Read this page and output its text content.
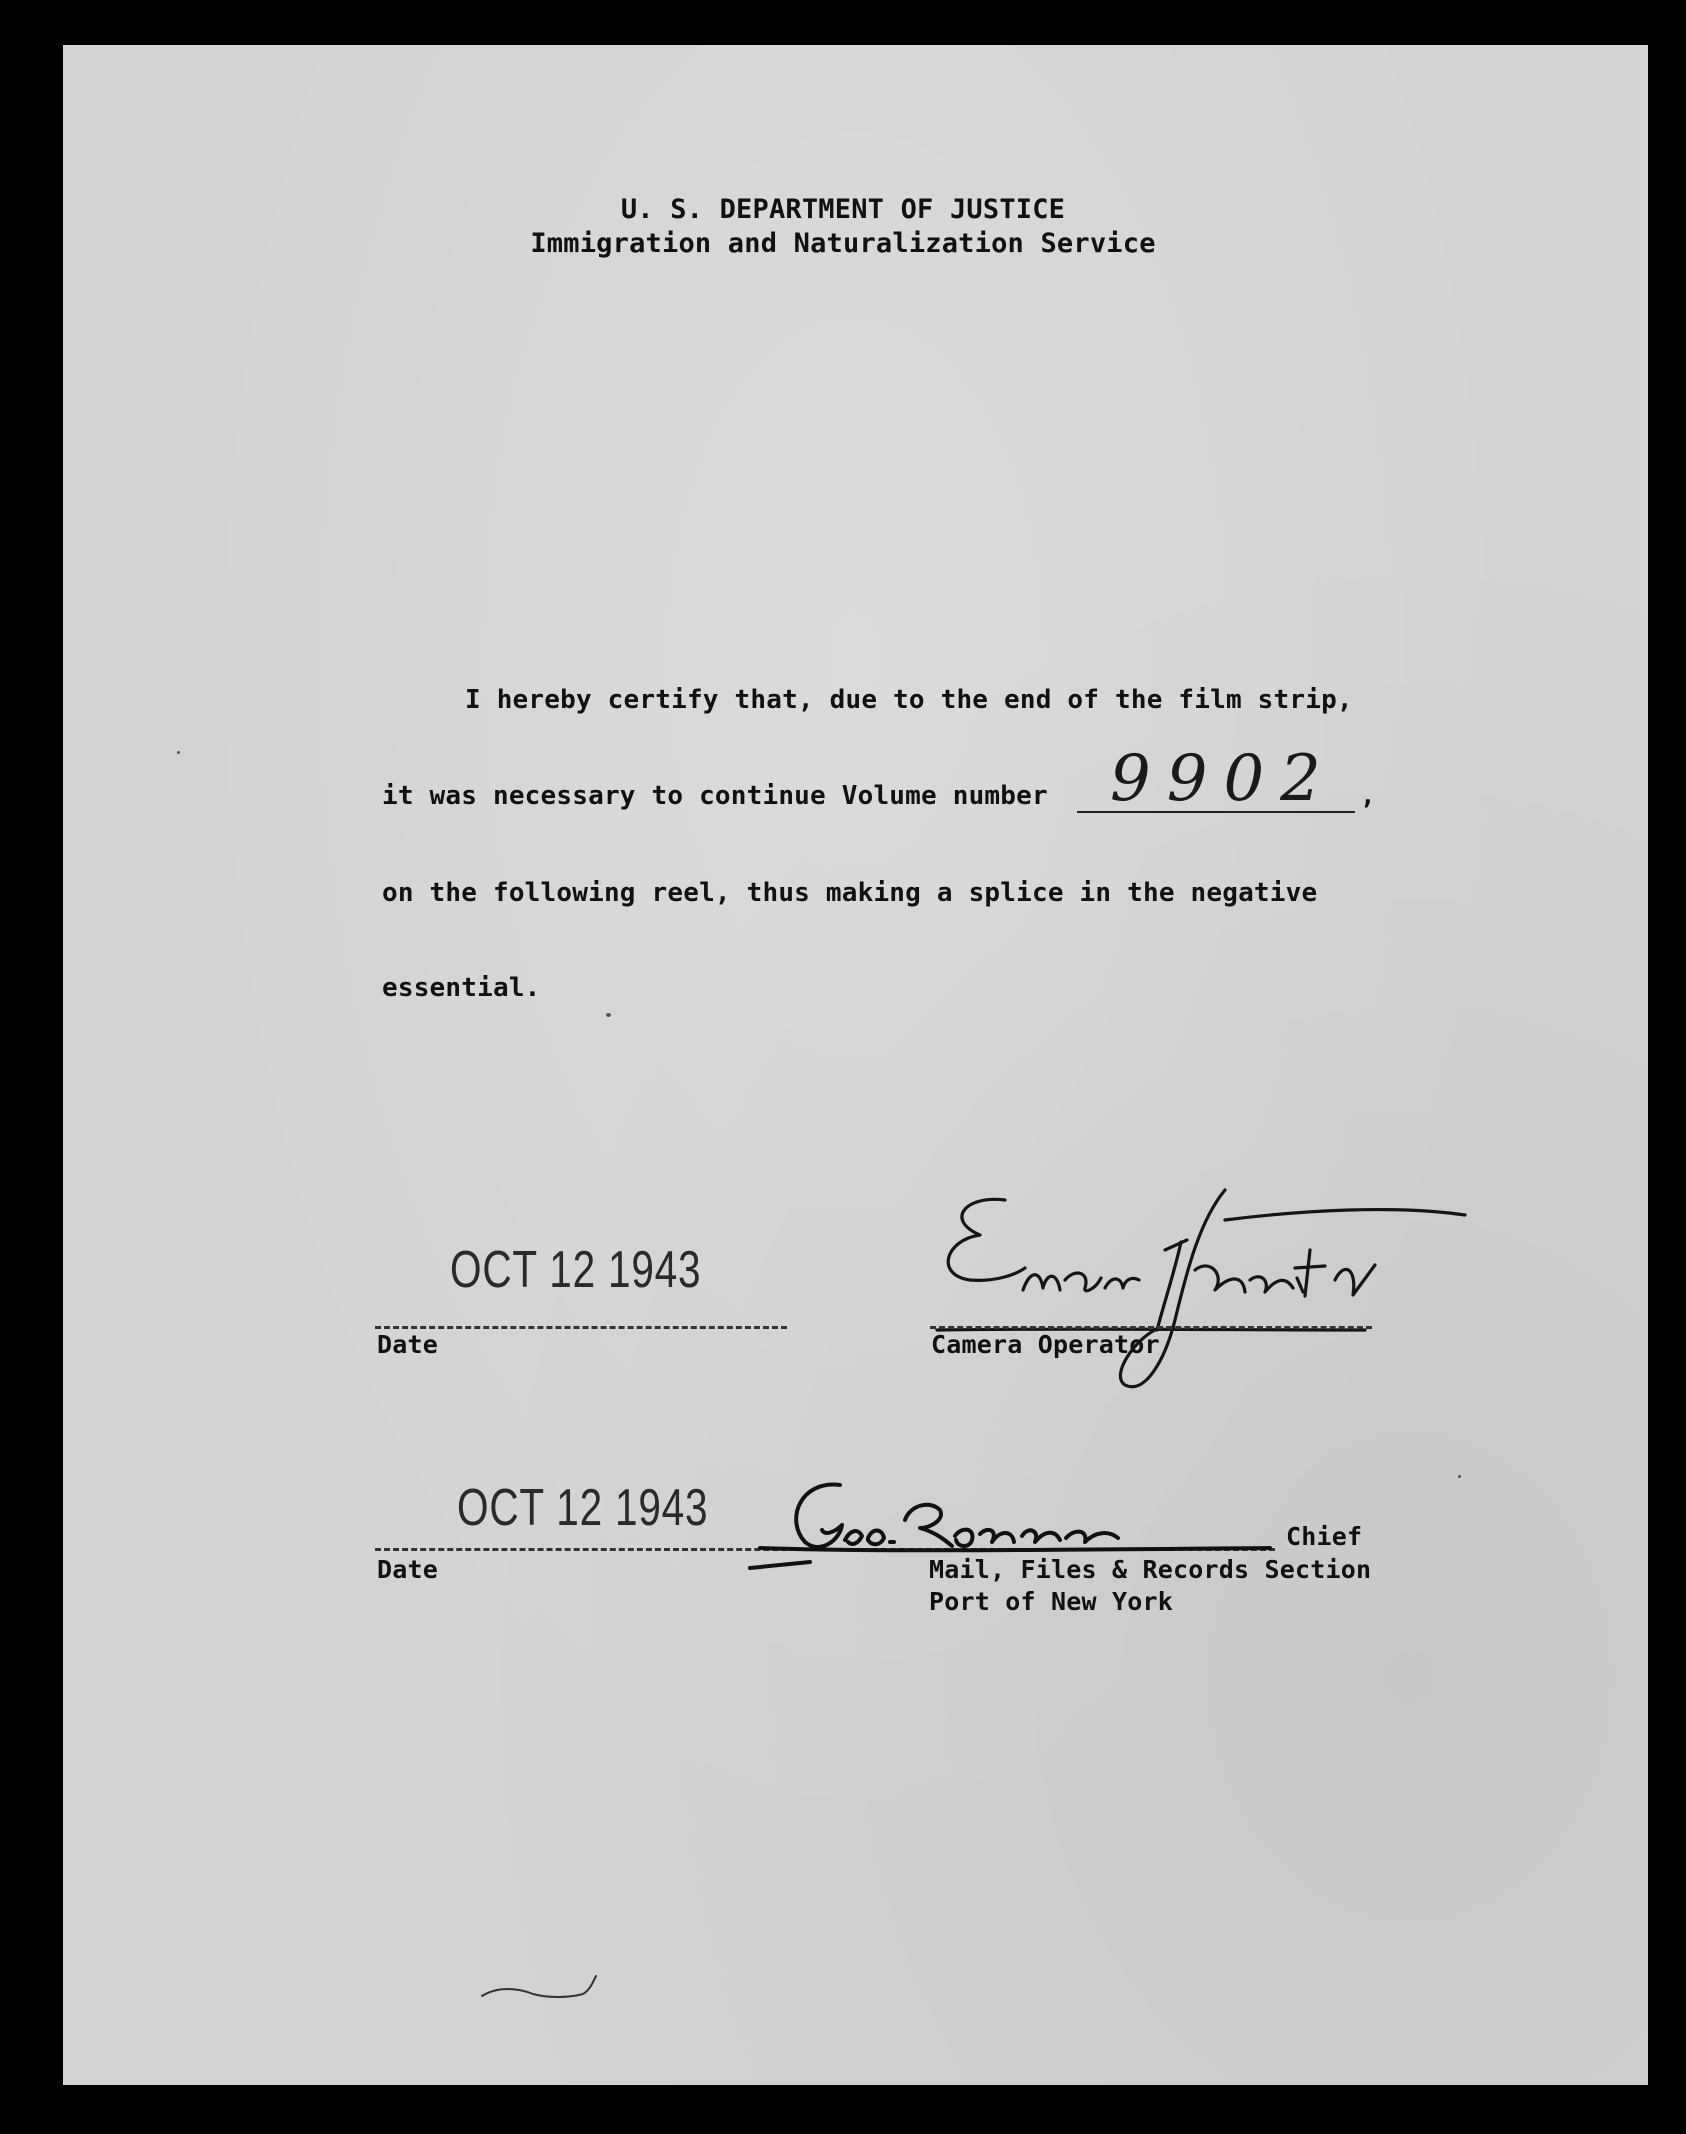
U. S. DEPARTMENT OF JUSTICE
Immigration and Naturalization Service
I hereby certify that, due to the end of the film strip,
it was necessary to continue Volume number 9902 ,
on the following reel, thus making a splice in the negative
essential.
OCT 12 1943
Date	Camera Operator
OCT 12 1943
Date
Chief
Mail, Files & Records Section
Port of New York
